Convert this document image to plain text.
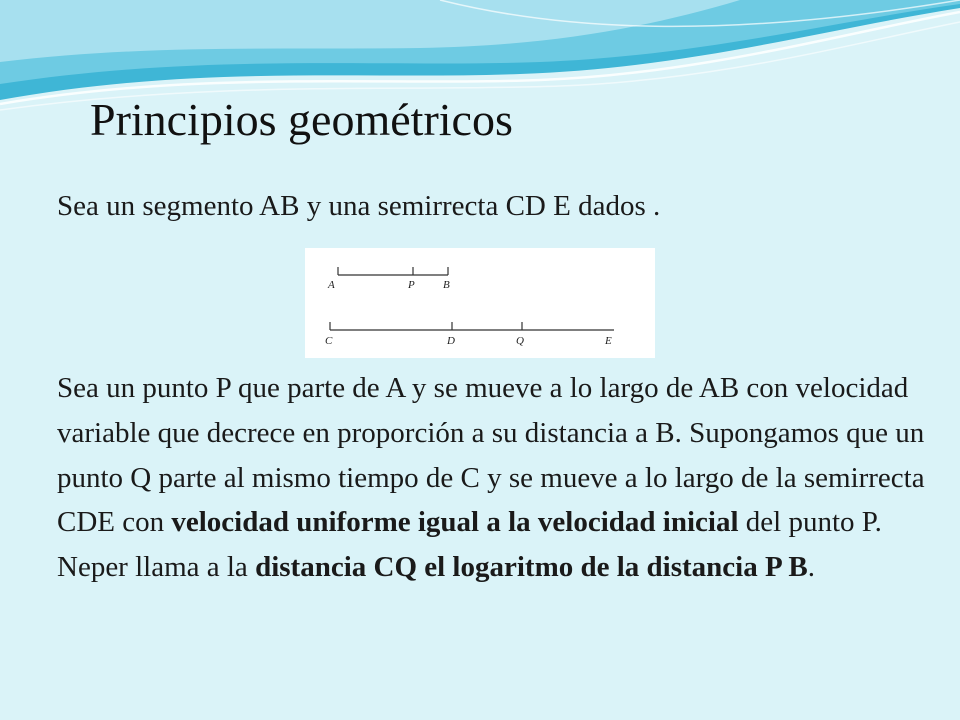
Principios geométricos

Sea un segmento AB y una semirrecta CD E dados .

A	P	B
C	D	Q	E

Sea un punto P que parte de A y se mueve a lo largo de AB con velocidad variable que decrece en proporción a su distancia a B. Supongamos que un punto Q parte al mismo tiempo de C y se mueve a lo largo de la semirrecta CDE con velocidad uniforme igual a la velocidad inicial del punto P.
Neper llama a la distancia CQ el logaritmo de la distancia P B.
